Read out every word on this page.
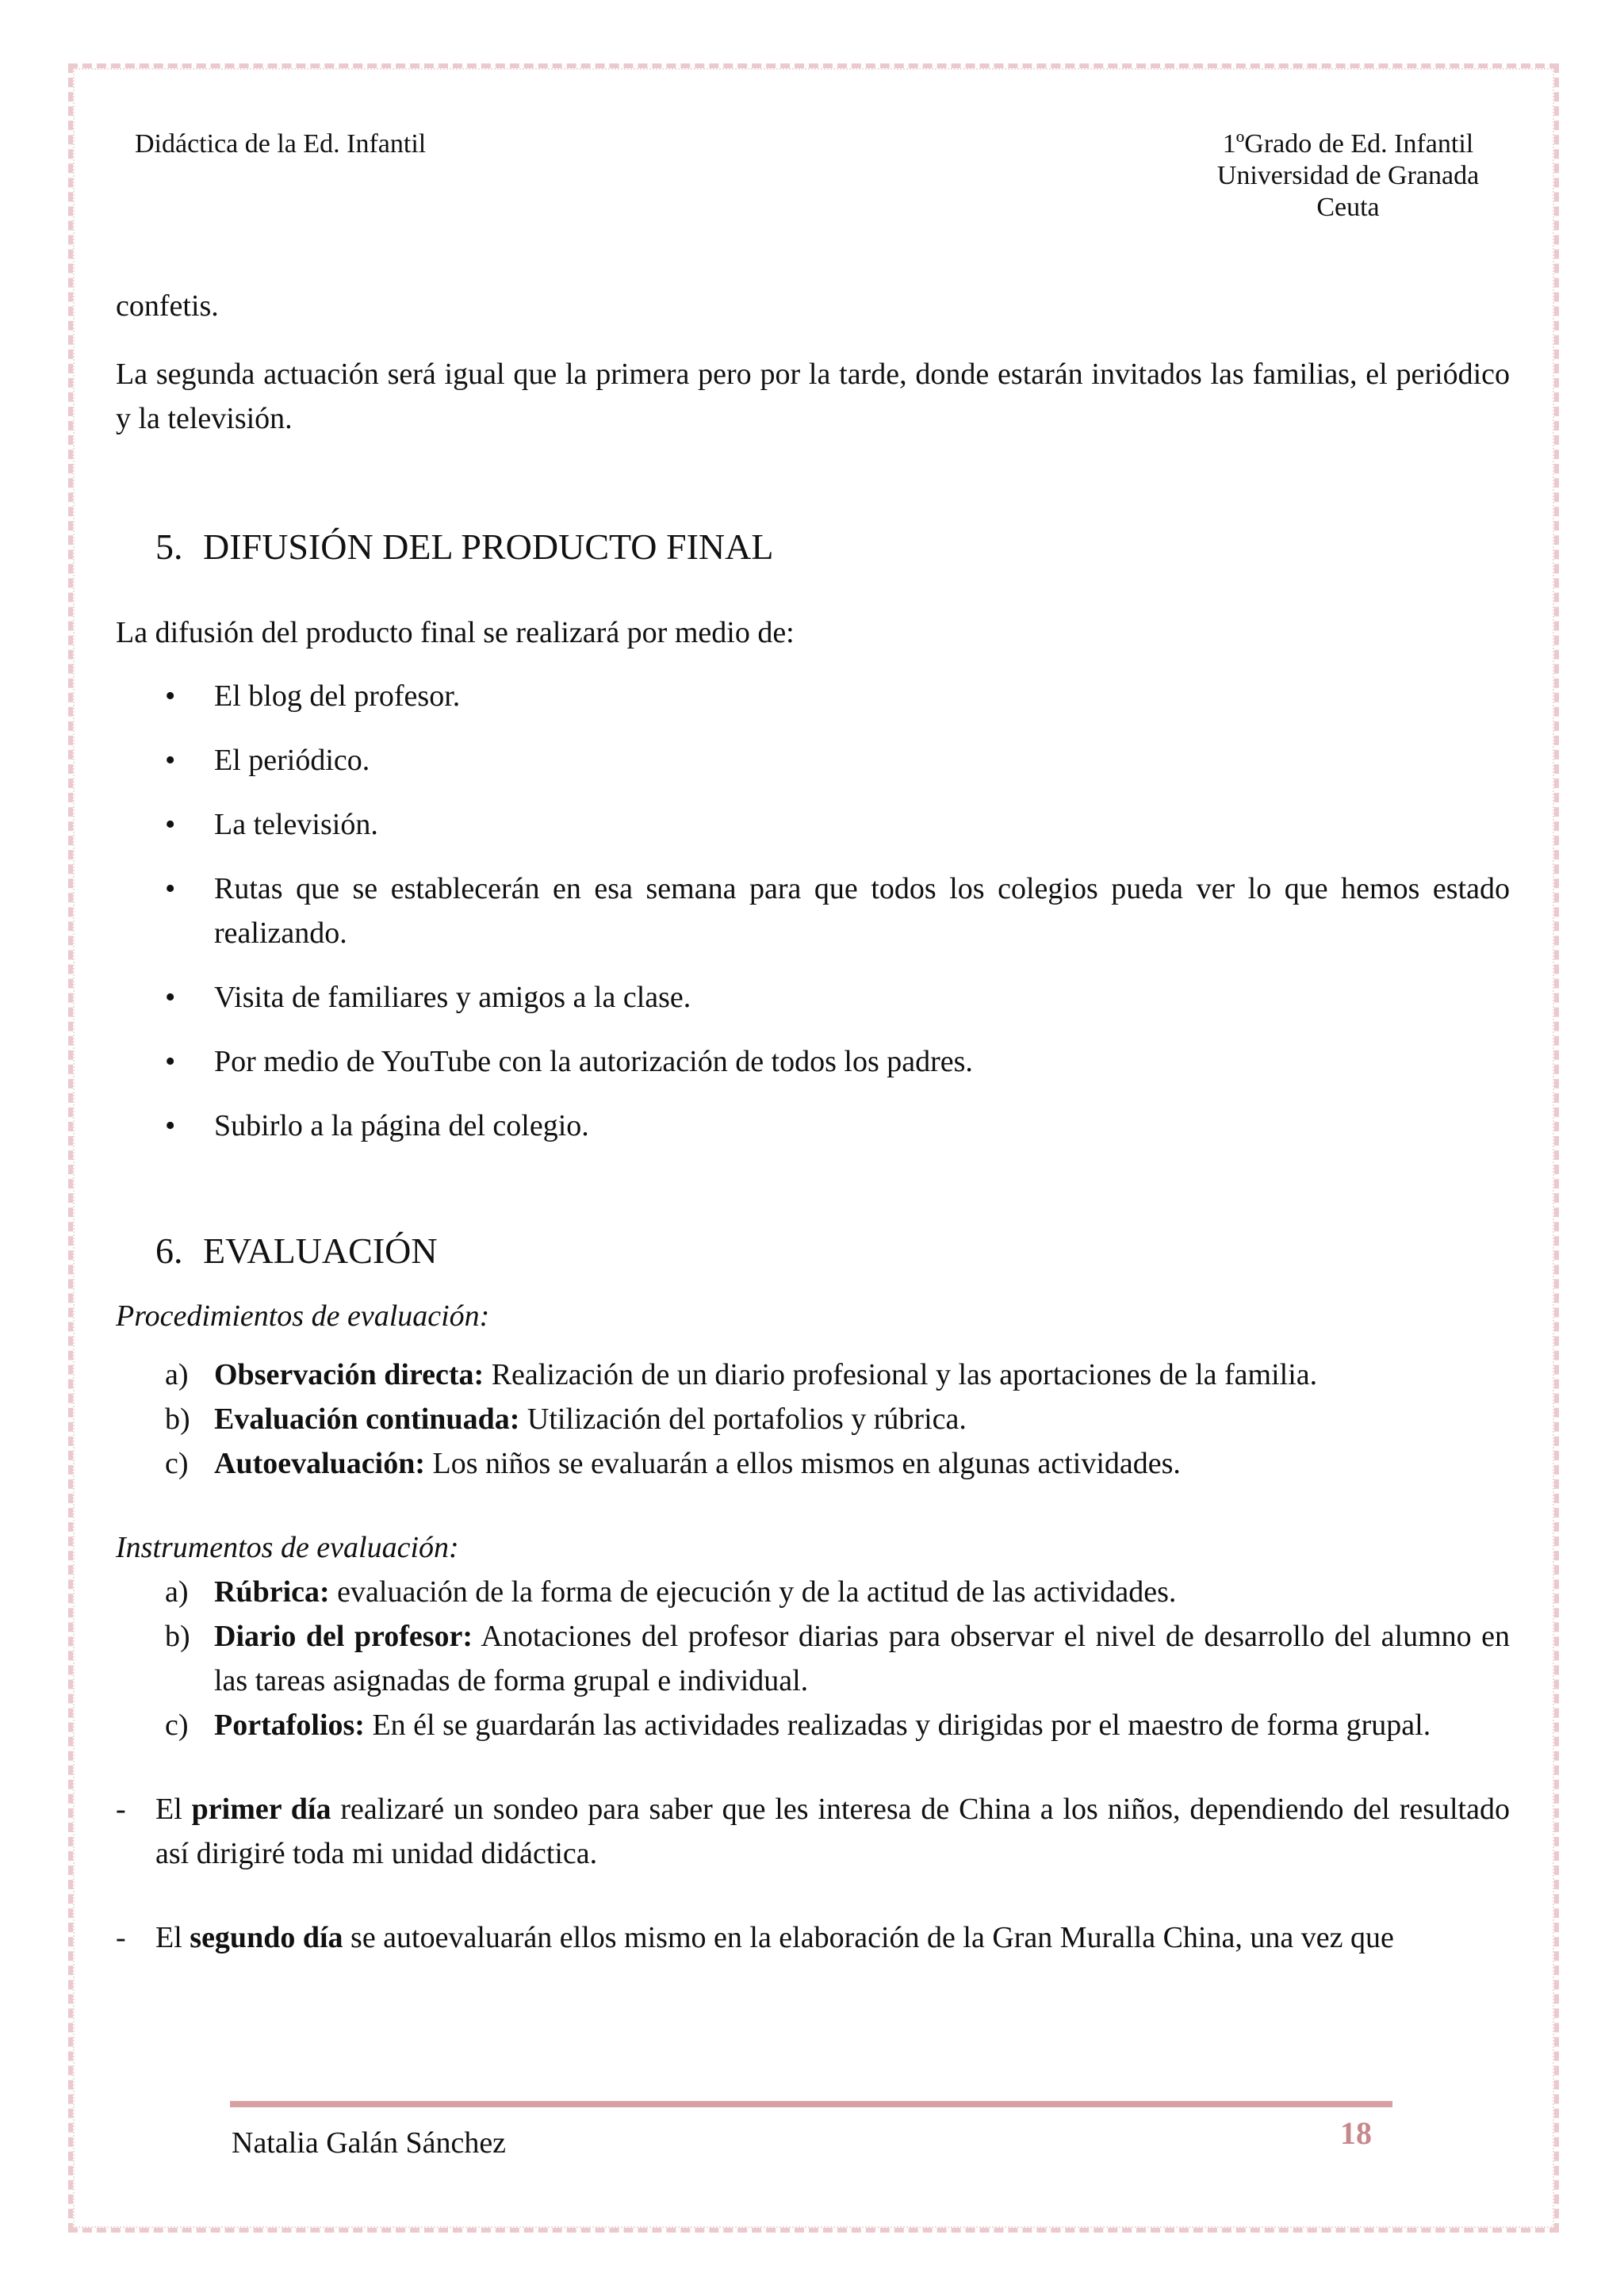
Didáctica de la Ed. Infantil	1ºGrado de Ed. Infantil
Universidad de Granada
Ceuta
confetis.
La segunda actuación será igual que la primera pero por la tarde, donde estarán invitados las familias, el periódico y la televisión.
5. DIFUSIÓN DEL PRODUCTO FINAL
La difusión del producto final se realizará por medio de:
• El blog del profesor.
• El periódico.
• La televisión.
• Rutas que se establecerán en esa semana para que todos los colegios pueda ver lo que hemos estado realizando.
• Visita de familiares y amigos a la clase.
• Por medio de YouTube con la autorización de todos los padres.
• Subirlo a la página del colegio.
6. EVALUACIÓN
Procedimientos de evaluación:
a) Observación directa: Realización de un diario profesional y las aportaciones de la familia.
b) Evaluación continuada: Utilización del portafolios y rúbrica.
c) Autoevaluación: Los niños se evaluarán a ellos mismos en algunas actividades.
Instrumentos de evaluación:
a) Rúbrica: evaluación de la forma de ejecución y de la actitud de las actividades.
b) Diario del profesor: Anotaciones del profesor diarias para observar el nivel de desarrollo del alumno en las tareas asignadas de forma grupal e individual.
c) Portafolios: En él se guardarán las actividades realizadas y dirigidas por el maestro de forma grupal.
- El primer día realizaré un sondeo para saber que les interesa de China a los niños, dependiendo del resultado así dirigiré toda mi unidad didáctica.
- El segundo día se autoevaluarán ellos mismo en la elaboración de la Gran Muralla China, una vez que
Natalia Galán Sánchez	18
